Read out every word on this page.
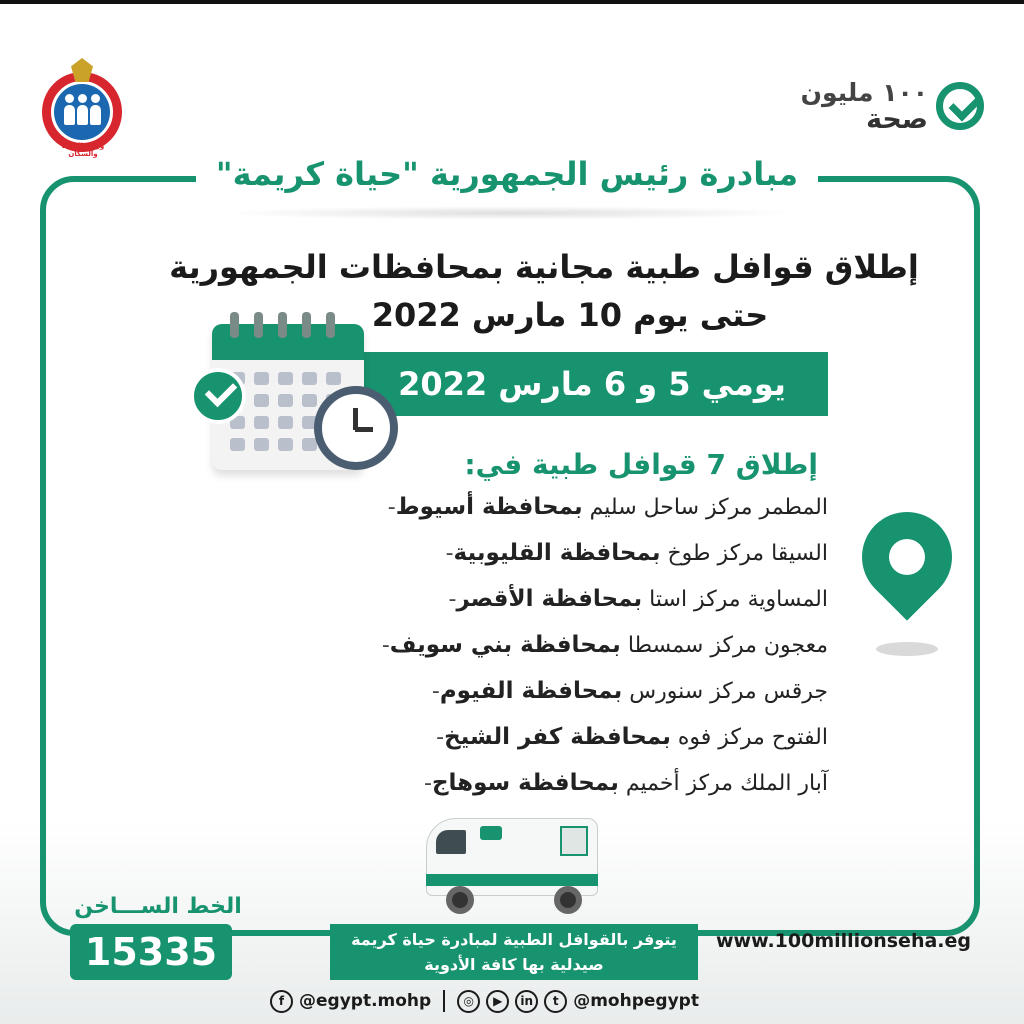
وزارة الصحة والسكان
١٠٠ مليون
صحة
مبادرة رئيس الجمهورية "حياة كريمة"
إطلاق قوافل طبية مجانية بمحافظات الجمهورية
حتى يوم 10 مارس 2022
يومي 5 و 6 مارس 2022
إطلاق 7 قوافل طبية في:
المطمر مركز ساحل سليم بمحافظة أسيوط-
السيقا مركز طوخ بمحافظة القليوبية-
المساوية مركز استا بمحافظة الأقصر-
معجون مركز سمسطا بمحافظة بني سويف-
جرقس مركز سنورس بمحافظة الفيوم-
الفتوح مركز فوه بمحافظة كفر الشيخ-
آبار الملك مركز أخميم بمحافظة سوهاج-
الخط الســـاخن
15335	يتوفر بالقوافل الطبية لمبادرة حياة كريمة
صيدلية بها كافة الأدوية
www.100millionseha.eg
f @egypt.mohp	◎	▶	in	t @mohpegypt
